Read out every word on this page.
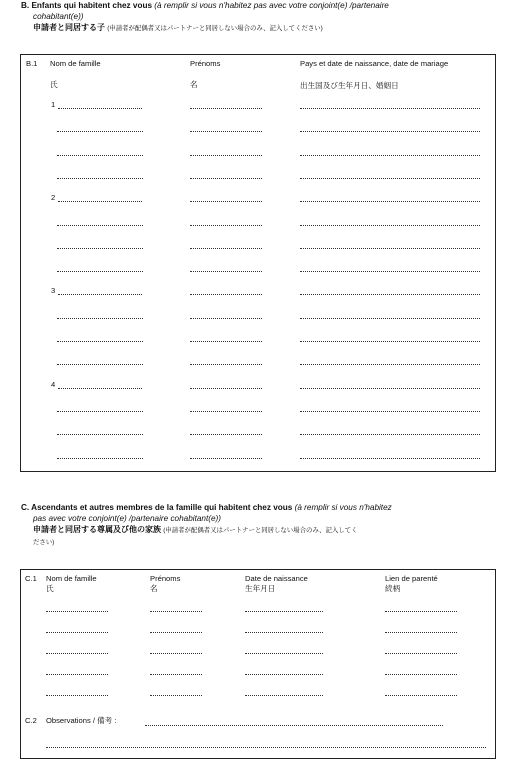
B. Enfants qui habitent chez vous (à remplir si vous n'habitez pas avec votre conjoint(e) /partenaire
cohabitant(e))
申請者と同居する子 (申請者が配偶者又はパートナーと同居しない場合のみ、記入してください)
B.1 Nom de famille
氏
Prénoms
名
Pays et date de naissance, date de mariage
出生国及び生年月日、婚姻日
1
2
3
4
C. Ascendants et autres membres de la famille qui habitent chez vous (à remplir si vous n'habitez
pas avec votre conjoint(e) /partenaire cohabitant(e))
申請者と同居する尊属及び他の家族 (申請者が配偶者又はパートナーと同居しない場合のみ、記入してく
ださい)
C.1 Nom de famille
氏
Prénoms
名
Date de naissance
生年月日
Lien de parenté
続柄
C.2 Observations / 備考 :
